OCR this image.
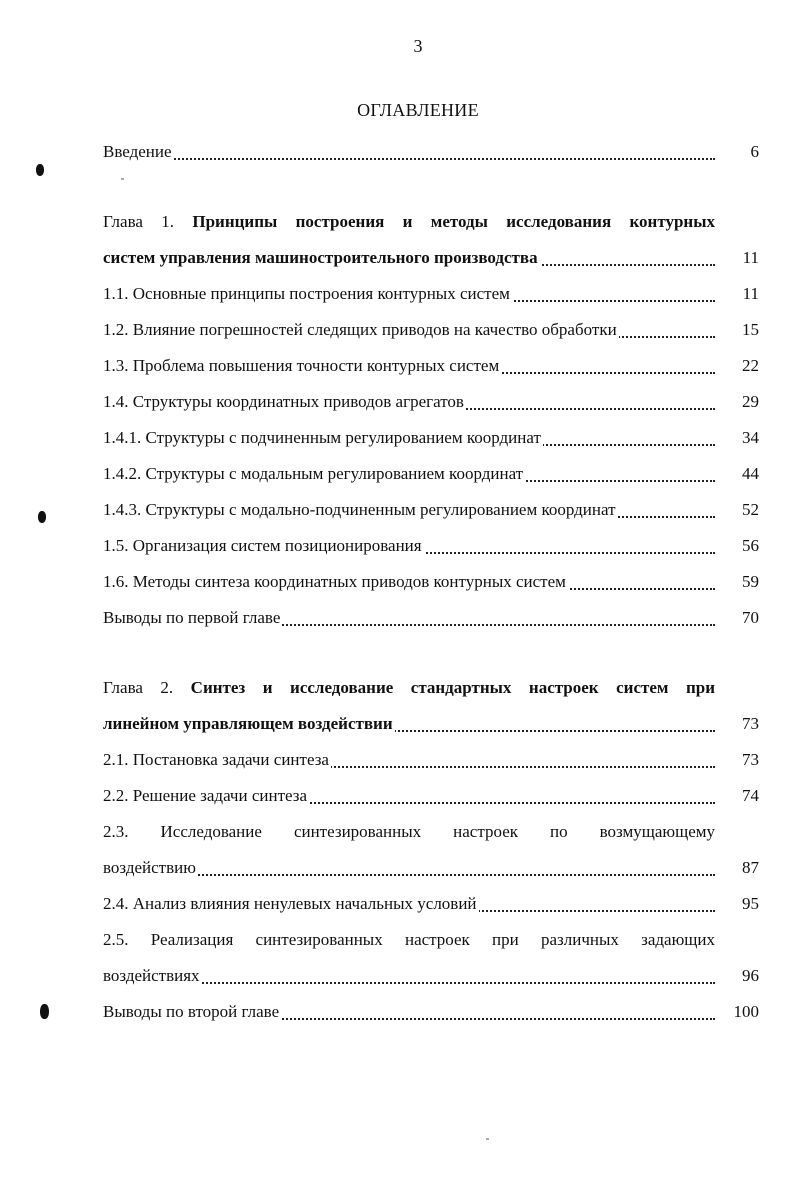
3
ОГЛАВЛЕНИЕ
Введение	6
Глава 1. Принципы построения и методы исследования контурных
систем управления машиностроительного производства	11
1.1. Основные принципы построения контурных систем	11
1.2. Влияние погрешностей следящих приводов на качество обработки	15
1.3. Проблема повышения точности контурных систем	22
1.4. Структуры координатных приводов агрегатов	29
1.4.1. Структуры с подчиненным регулированием координат	34
1.4.2. Структуры с модальным регулированием координат	44
1.4.3. Структуры с модально-подчиненным регулированием координат	52
1.5. Организация систем позиционирования	56
1.6. Методы синтеза координатных приводов контурных систем	59
Выводы по первой главе	70
Глава 2. Синтез и исследование стандартных настроек систем при
линейном управляющем воздействии	73
2.1. Постановка задачи синтеза	73
2.2. Решение задачи синтеза	74
2.3. Исследование синтезированных настроек по возмущающему
воздействию	87
2.4. Анализ влияния ненулевых начальных условий	95
2.5. Реализация синтезированных настроек при различных задающих
воздействиях	96
Выводы по второй главе	100
